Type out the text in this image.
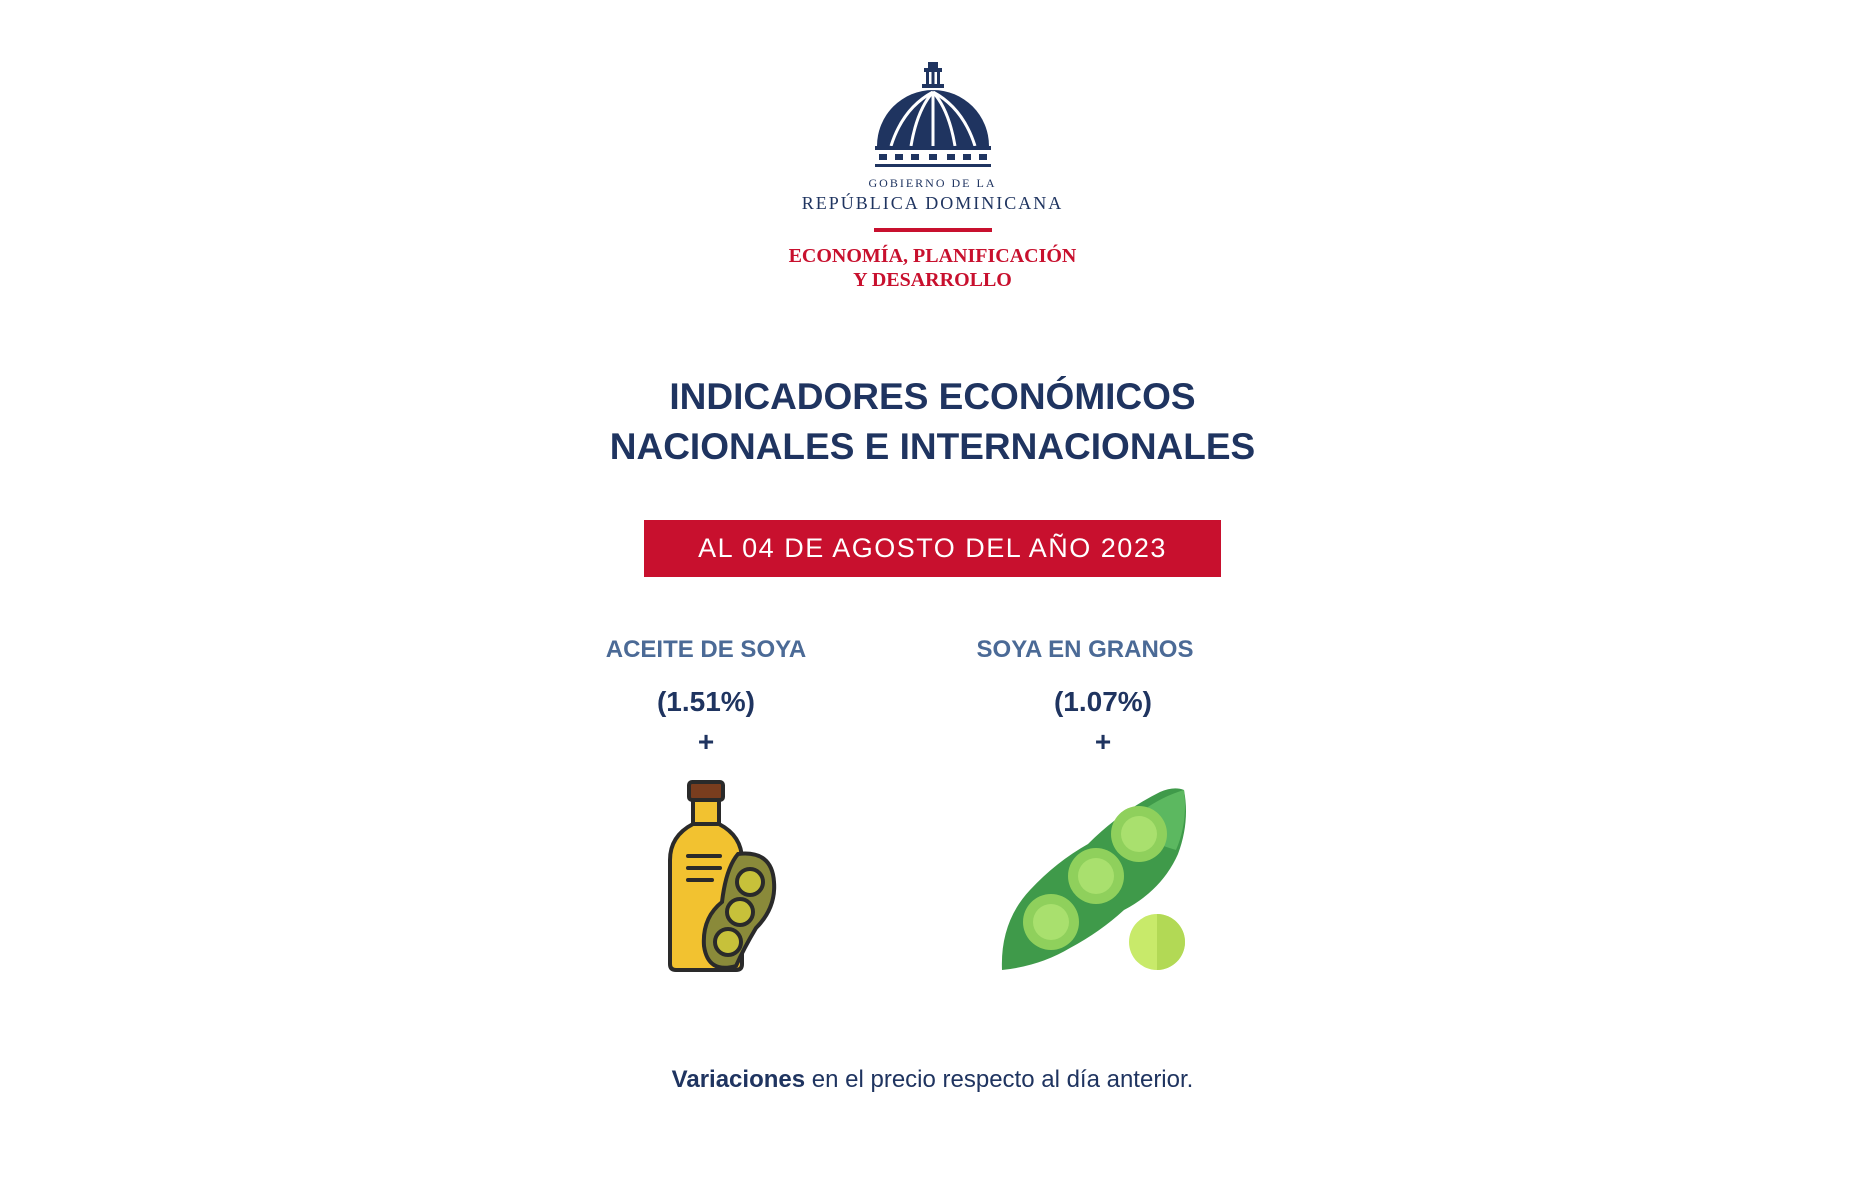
GOBIERNO DE LA
REPÚBLICA DOMINICANA
ECONOMÍA, PLANIFICACIÓN
Y DESARROLLO
INDICADORES ECONÓMICOS
NACIONALES E INTERNACIONALES
AL 04 DE AGOSTO DEL AÑO 2023
ACEITE DE SOYA
(1.51%)
+
SOYA EN GRANOS
(1.07%)
+
Variaciones en el precio respecto al día anterior.
